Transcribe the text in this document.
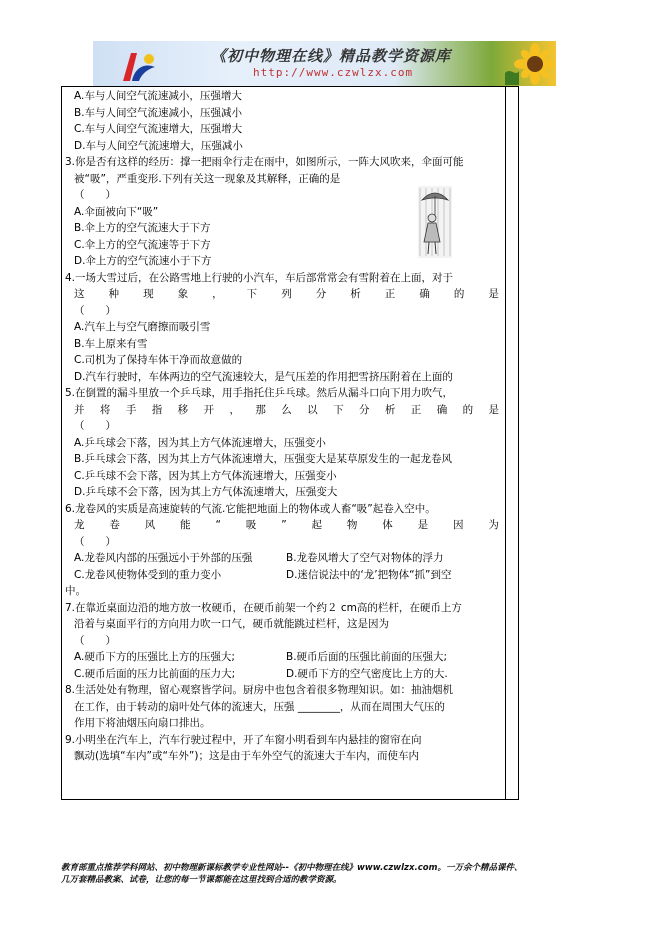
《初中物理在线》精品教学资源库
http://www.czwlzx.com
A.车与人间空气流速减小，压强增大
B.车与人间空气流速减小，压强减小
C.车与人间空气流速增大，压强增大
D.车与人间空气流速增大，压强减小
3.你是否有这样的经历：撑一把雨伞行走在雨中，如图所示，一阵大风吹来，伞面可能
被“吸”，严重变形.下列有关这一现象及其解释，正确的是
（　　）
A.伞面被向下“吸”
B.伞上方的空气流速大于下方
C.伞上方的空气流速等于下方
D.伞上方的空气流速小于下方
4.一场大雪过后，在公路雪地上行驶的小汽车，车后部常常会有雪附着在上面，对于
这 种 现 象 ， 下 列 分 析 正 确 的 是
（　　）
A.汽车上与空气磨擦而吸引雪
B.车上原来有雪
C.司机为了保持车体干净而故意做的
D.汽车行驶时，车体两边的空气流速较大，是气压差的作用把雪挤压附着在上面的
5.在倒置的漏斗里放一个乒乓球，用手指托住乒乓球。然后从漏斗口向下用力吹气，
并 将 手 指 移 开 ， 那 么 以 下 分 析 正 确 的 是
（　　）
A.乒乓球会下落，因为其上方气体流速增大，压强变小
B.乒乓球会下落，因为其上方气体流速增大，压强变大是某草原发生的一起龙卷风
C.乒乓球不会下落，因为其上方气体流速增大，压强变小
D.乒乓球不会下落，因为其上方气体流速增大，压强变大
6.龙卷风的实质是高速旋转的气流.它能把地面上的物体或人畜“吸”起卷入空中。
龙 卷 风 能 “ 吸 ” 起 物 体 是 因 为
（　　）
A.龙卷风内部的压强远小于外部的压强	B.龙卷风增大了空气对物体的浮力
C.龙卷风使物体受到的重力变小	D.迷信说法中的‘龙’把物体“抓”到空
中。
7.在靠近桌面边沿的地方放一枚硬币，在硬币前架一个约２ cm高的栏杆，在硬币上方
沿着与桌面平行的方向用力吹一口气，硬币就能跳过栏杆，这是因为
（　　）
A.硬币下方的压强比上方的压强大;	B.硬币后面的压强比前面的压强大;
C.硬币后面的压力比前面的压力大;	D.硬币下方的空气密度比上方的大.
8.生活处处有物理，留心观察皆学问。厨房中也包含着很多物理知识。如：抽油烟机
在工作，由于转动的扇叶处气体的流速大，压强 ________，从而在周围大气压的
作用下将油烟压向扇口排出。
9.小明坐在汽车上，汽车行驶过程中，开了车窗小明看到车内悬挂的窗帘在向
飘动(选填“车内”或“车外”)；这是由于车外空气的流速大于车内，而使车内
教育部重点推荐学科网站、初中物理新课标教学专业性网站--《初中物理在线》www.czwlzx.com。一万余个精品课件、
几万套精品教案、试卷，让您的每一节课都能在这里找到合适的教学资源。
